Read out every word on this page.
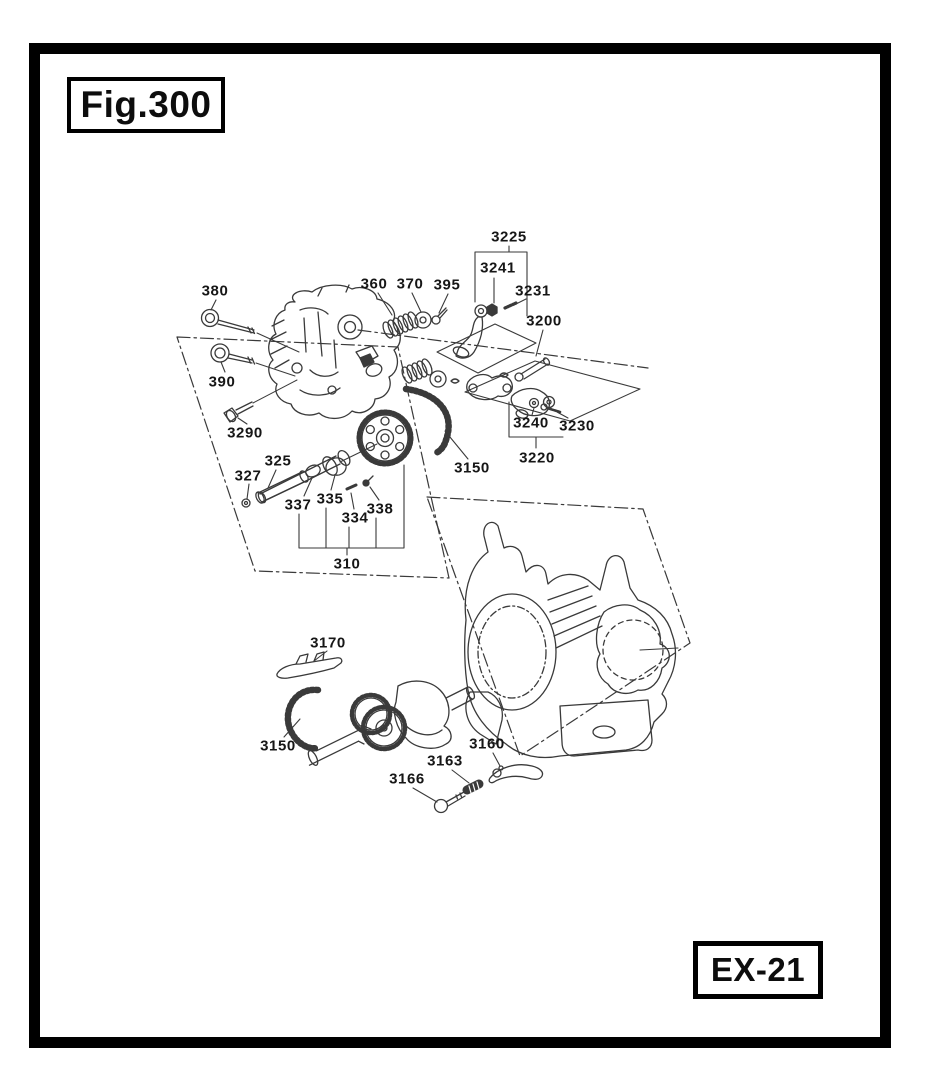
380
390
3290
360 370 395
3225
3241
3231
3200
3240 3230
3220
3150
325
327
337 335
334
338
310
3170
3150
3166
3163
3160
Fig.300
EX-21
